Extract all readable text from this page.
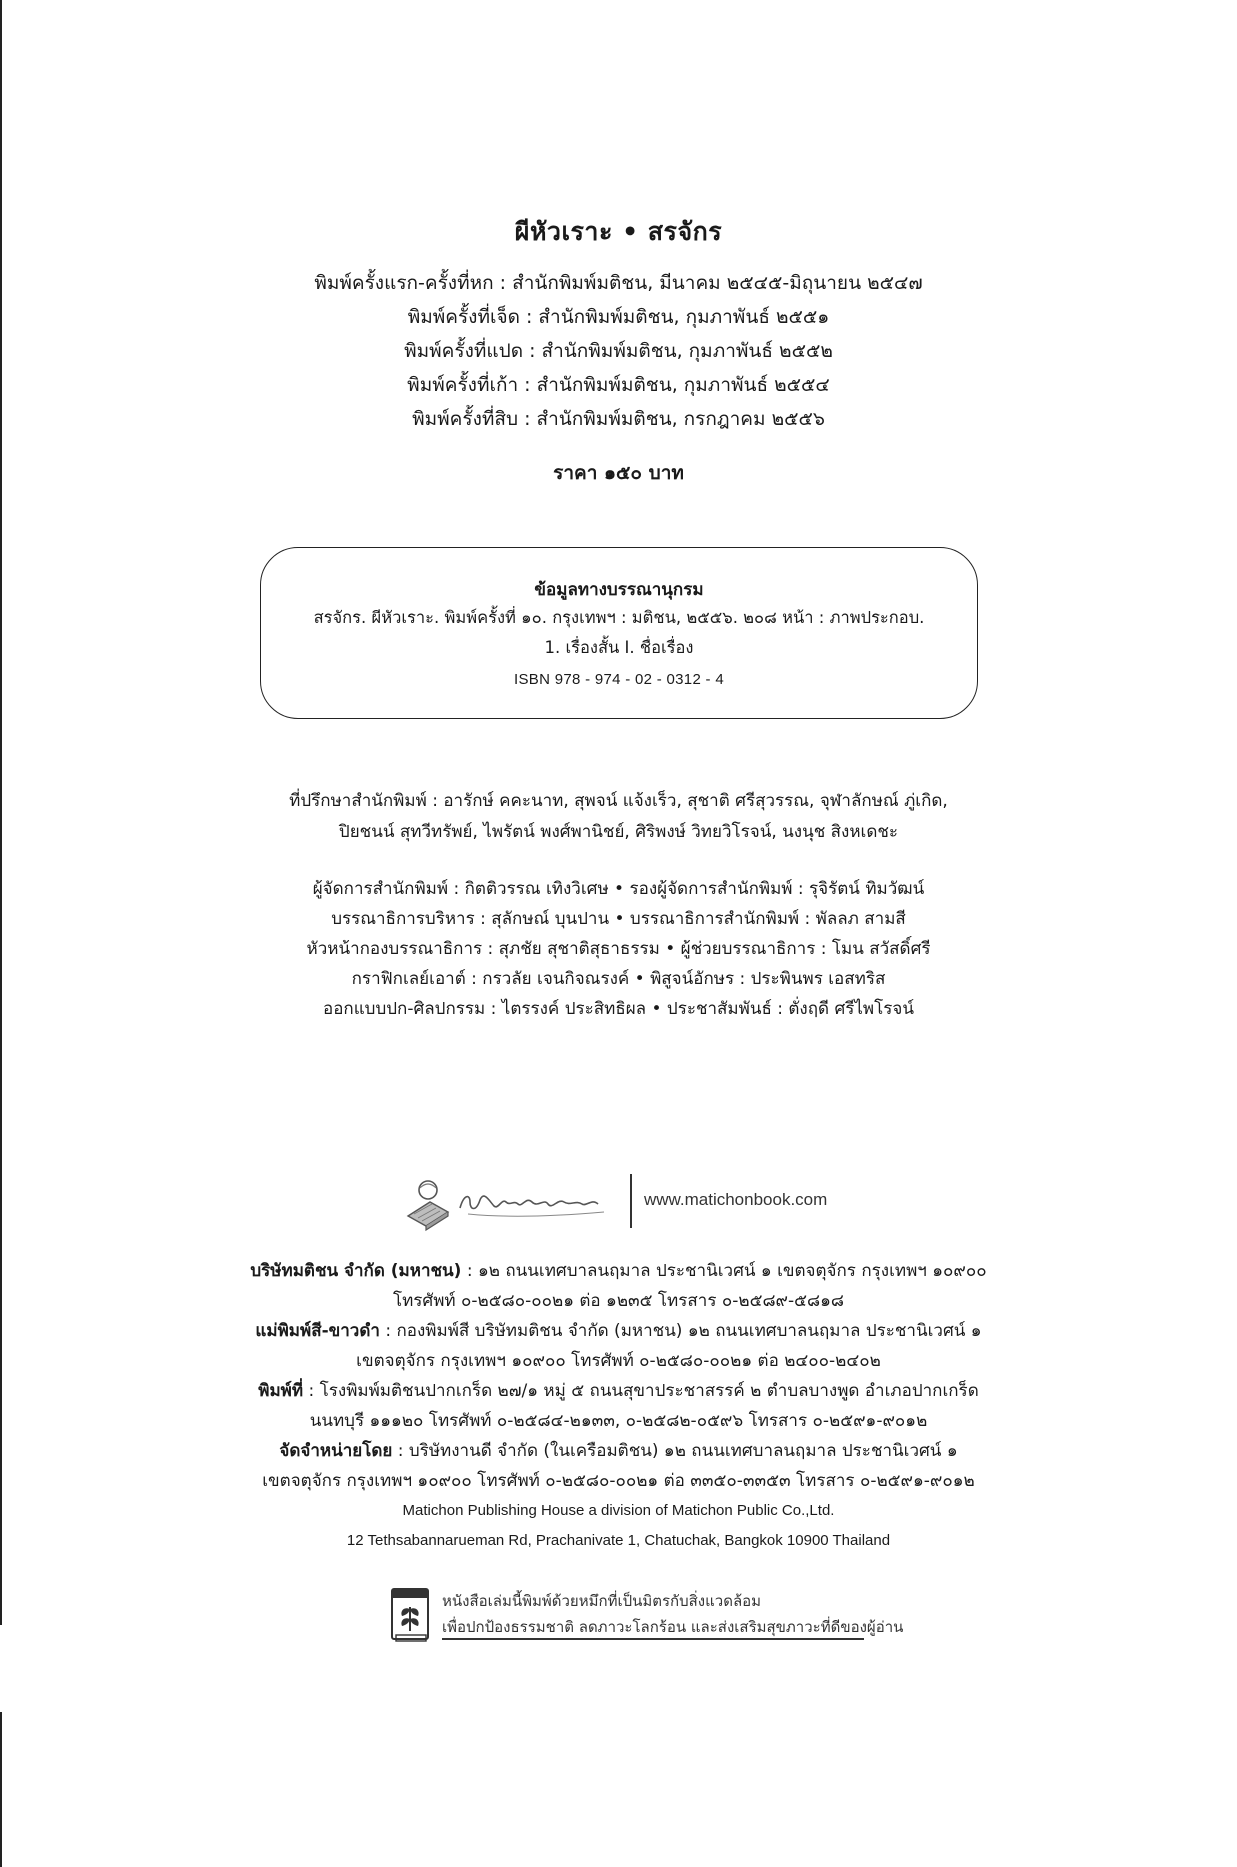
ผีหัวเราะ • สรจักร
พิมพ์ครั้งแรก-ครั้งที่หก : สำนักพิมพ์มติชน, มีนาคม ๒๕๔๕-มิถุนายน ๒๕๔๗
พิมพ์ครั้งที่เจ็ด : สำนักพิมพ์มติชน, กุมภาพันธ์ ๒๕๕๑
พิมพ์ครั้งที่แปด : สำนักพิมพ์มติชน, กุมภาพันธ์ ๒๕๕๒
พิมพ์ครั้งที่เก้า : สำนักพิมพ์มติชน, กุมภาพันธ์ ๒๕๕๔
พิมพ์ครั้งที่สิบ : สำนักพิมพ์มติชน, กรกฎาคม ๒๕๕๖
ราคา ๑๕๐ บาท
ข้อมูลทางบรรณานุกรม
สรจักร. ผีหัวเราะ. พิมพ์ครั้งที่ ๑๐. กรุงเทพฯ : มติชน, ๒๕๕๖. ๒๐๘ หน้า : ภาพประกอบ.
1. เรื่องสั้น I. ชื่อเรื่อง
ISBN 978 - 974 - 02 - 0312 - 4
ที่ปรึกษาสำนักพิมพ์ : อารักษ์ คคะนาท, สุพจน์ แจ้งเร็ว, สุชาติ ศรีสุวรรณ, จุฬาลักษณ์ ภู่เกิด,
ปิยชนน์ สุทวีทรัพย์, ไพรัตน์ พงศ์พานิชย์, ศิริพงษ์ วิทยวิโรจน์, นงนุช สิงหเดชะ
ผู้จัดการสำนักพิมพ์ : กิตติวรรณ เทิงวิเศษ • รองผู้จัดการสำนักพิมพ์ : รุจิรัตน์ ทิมวัฒน์
บรรณาธิการบริหาร : สุลักษณ์ บุนปาน • บรรณาธิการสำนักพิมพ์ : พัลลภ สามสี
หัวหน้ากองบรรณาธิการ : สุภชัย สุชาติสุธาธรรม • ผู้ช่วยบรรณาธิการ : โมน สวัสดิ์ศรี
กราฟิกเลย์เอาต์ : กรวลัย เจนกิจณรงค์ • พิสูจน์อักษร : ประพินพร เอสทริส
ออกแบบปก-ศิลปกรรม : ไตรรงค์ ประสิทธิผล • ประชาสัมพันธ์ : ตั่งฤดี ศรีไพโรจน์
www.matichonbook.com
บริษัทมติชน จำกัด (มหาชน) : ๑๒ ถนนเทศบาลนฤมาล ประชานิเวศน์ ๑ เขตจตุจักร กรุงเทพฯ ๑๐๙๐๐
โทรศัพท์ ๐-๒๕๘๐-๐๐๒๑ ต่อ ๑๒๓๕ โทรสาร ๐-๒๕๘๙-๕๘๑๘
แม่พิมพ์สี-ขาวดำ : กองพิมพ์สี บริษัทมติชน จำกัด (มหาชน) ๑๒ ถนนเทศบาลนฤมาล ประชานิเวศน์ ๑
เขตจตุจักร กรุงเทพฯ ๑๐๙๐๐ โทรศัพท์ ๐-๒๕๘๐-๐๐๒๑ ต่อ ๒๔๐๐-๒๔๐๒
พิมพ์ที่ : โรงพิมพ์มติชนปากเกร็ด ๒๗/๑ หมู่ ๕ ถนนสุขาประชาสรรค์ ๒ ตำบลบางพูด อำเภอปากเกร็ด
นนทบุรี ๑๑๑๒๐ โทรศัพท์ ๐-๒๕๘๔-๒๑๓๓, ๐-๒๕๘๒-๐๕๙๖ โทรสาร ๐-๒๕๙๑-๙๐๑๒
จัดจำหน่ายโดย : บริษัทงานดี จำกัด (ในเครือมติชน) ๑๒ ถนนเทศบาลนฤมาล ประชานิเวศน์ ๑
เขตจตุจักร กรุงเทพฯ ๑๐๙๐๐ โทรศัพท์ ๐-๒๕๘๐-๐๐๒๑ ต่อ ๓๓๕๐-๓๓๕๓ โทรสาร ๐-๒๕๙๑-๙๐๑๒
Matichon Publishing House a division of Matichon Public Co.,Ltd.
12 Tethsabannarueman Rd, Prachanivate 1, Chatuchak, Bangkok 10900 Thailand
หนังสือเล่มนี้พิมพ์ด้วยหมึกที่เป็นมิตรกับสิ่งแวดล้อม
เพื่อปกป้องธรรมชาติ ลดภาวะโลกร้อน และส่งเสริมสุขภาวะที่ดีของผู้อ่าน
